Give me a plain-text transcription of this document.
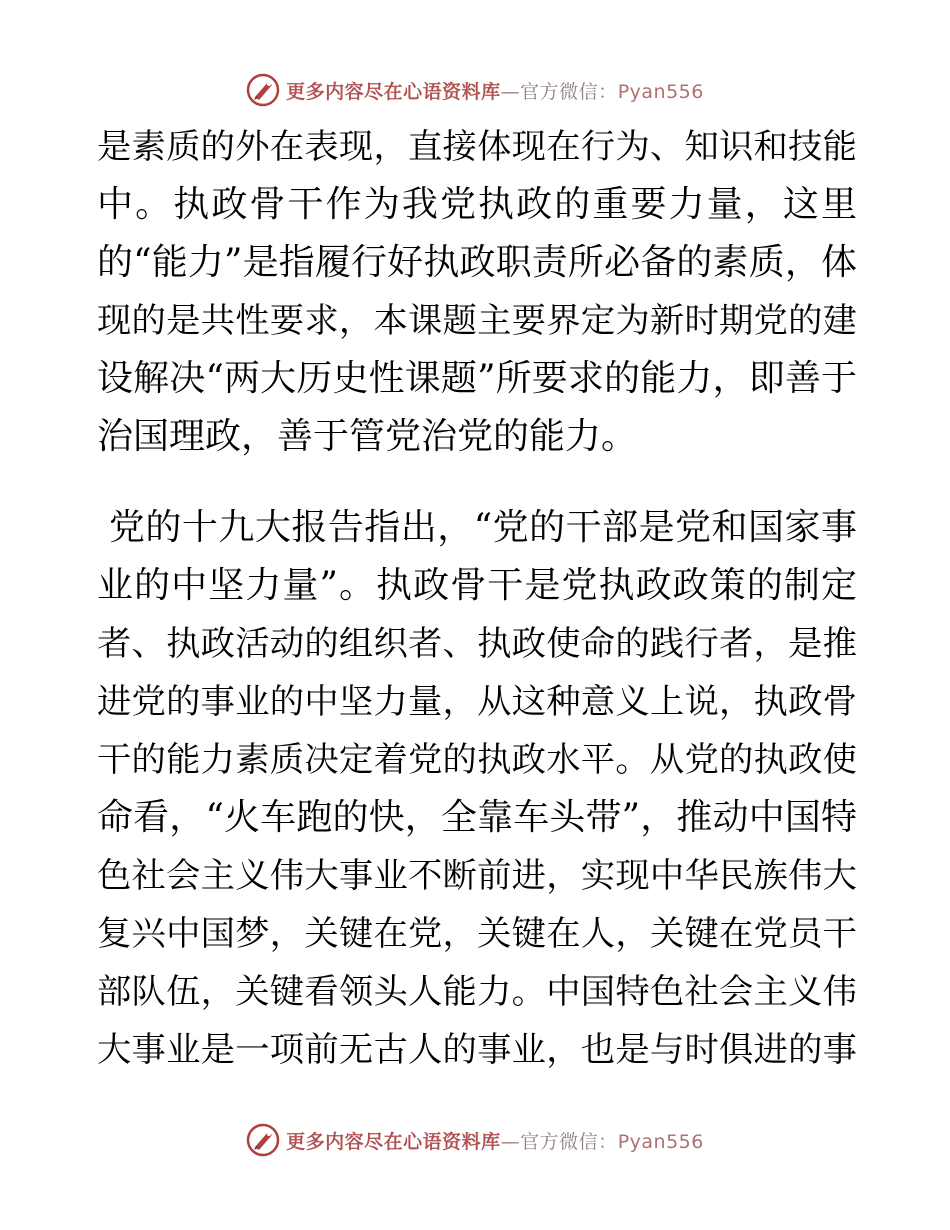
更多内容尽在心语资料库—官方微信：Pyan556
是素质的外在表现，直接体现在行为、知识和技能
中。执政骨干作为我党执政的重要力量，这里
的“能力”是指履行好执政职责所必备的素质，体
现的是共性要求，本课题主要界定为新时期党的建
设解决“两大历史性课题”所要求的能力，即善于
治国理政，善于管党治党的能力。
党的十九大报告指出，“党的干部是党和国家事
业的中坚力量”。执政骨干是党执政政策的制定
者、执政活动的组织者、执政使命的践行者，是推
进党的事业的中坚力量，从这种意义上说，执政骨
干的能力素质决定着党的执政水平。从党的执政使
命看，“火车跑的快，全靠车头带”，推动中国特
色社会主义伟大事业不断前进，实现中华民族伟大
复兴中国梦，关键在党，关键在人，关键在党员干
部队伍，关键看领头人能力。中国特色社会主义伟
大事业是一项前无古人的事业，也是与时俱进的事
更多内容尽在心语资料库—官方微信：Pyan556
